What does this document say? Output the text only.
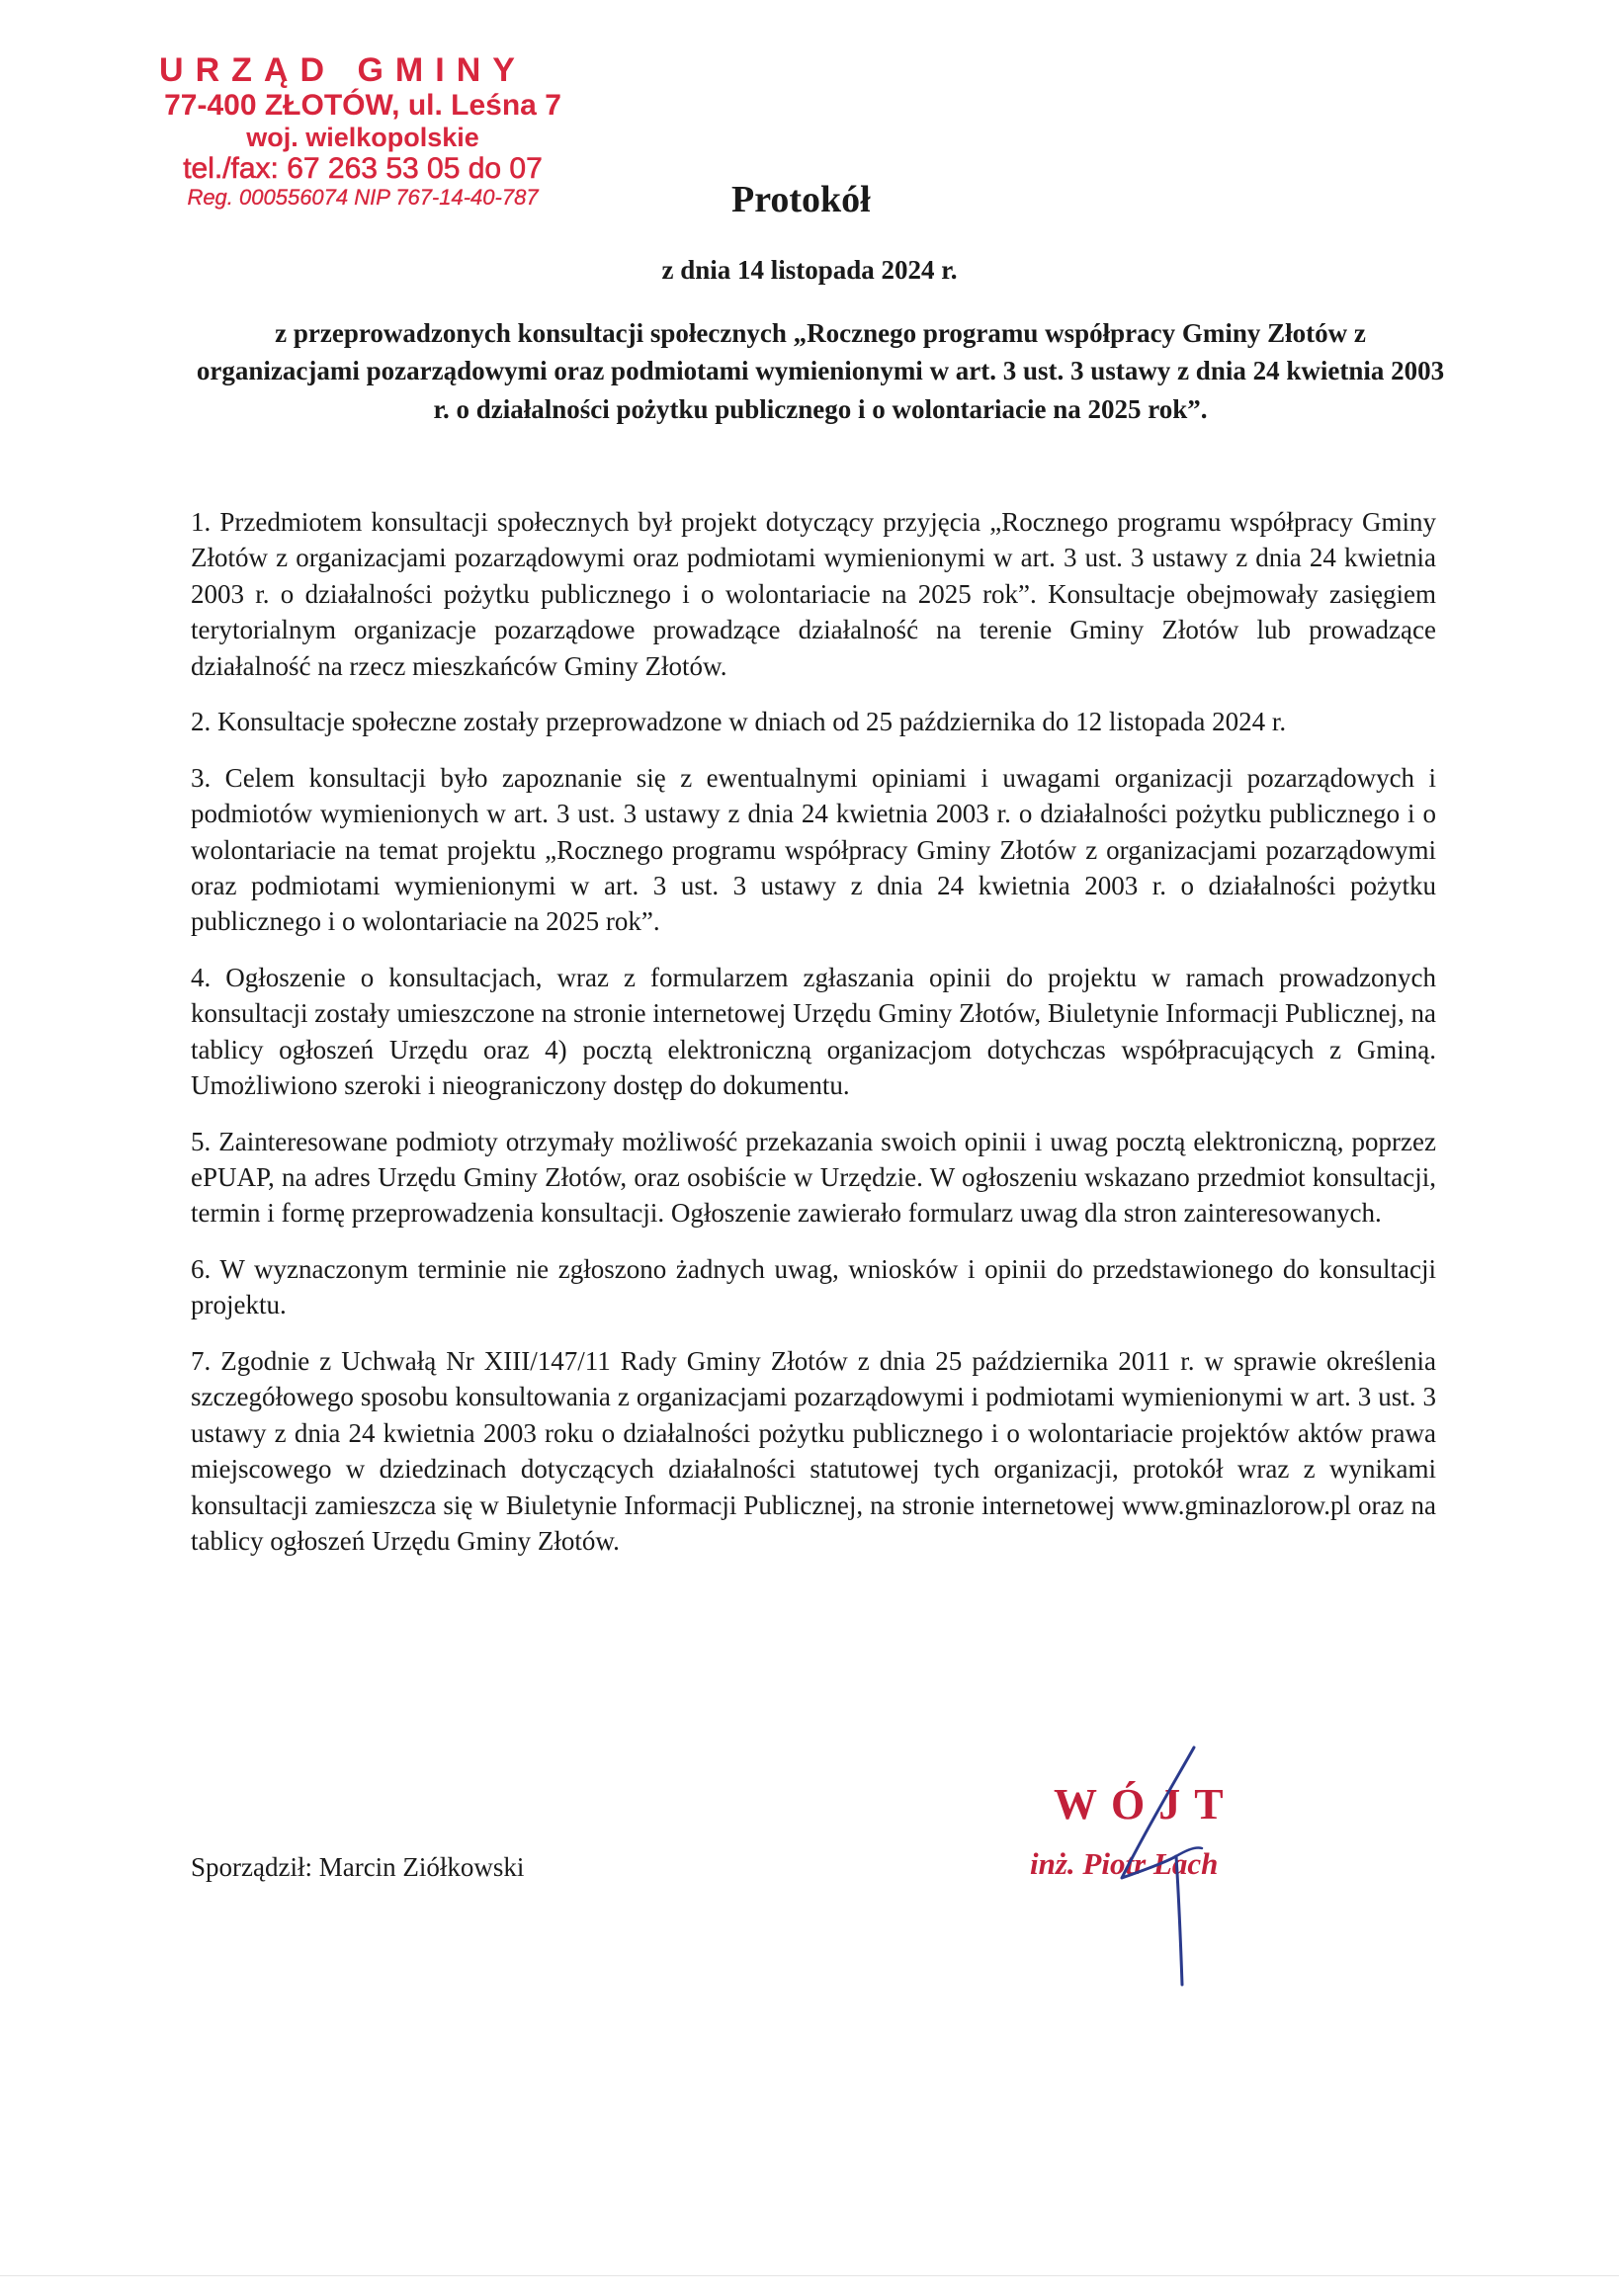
URZĄD GMINY
77-400 ZŁOTÓW, ul. Leśna 7
woj. wielkopolskie
tel./fax: 67 263 53 05 do 07
Reg. 000556074 NIP 767-14-40-787	Protokół
z dnia 14 listopada 2024 r.
z przeprowadzonych konsultacji społecznych „Rocznego programu współpracy Gminy Złotów z organizacjami pozarządowymi oraz podmiotami wymienionymi w art. 3 ust. 3 ustawy z dnia 24 kwietnia 2003 r. o działalności pożytku publicznego i o wolontariacie na 2025 rok”.

1. Przedmiotem konsultacji społecznych był projekt dotyczący przyjęcia „Rocznego programu współpracy Gminy Złotów z organizacjami pozarządowymi oraz podmiotami wymienionymi w art. 3 ust. 3 ustawy z dnia 24 kwietnia 2003 r. o działalności pożytku publicznego i o wolontariacie na 2025 rok”. Konsultacje obejmowały zasięgiem terytorialnym organizacje pozarządowe prowadzące działalność na terenie Gminy Złotów lub prowadzące działalność na rzecz mieszkańców Gminy Złotów.

2. Konsultacje społeczne zostały przeprowadzone w dniach od 25 października do 12 listopada 2024 r.

3. Celem konsultacji było zapoznanie się z ewentualnymi opiniami i uwagami organizacji pozarządowych i podmiotów wymienionych w art. 3 ust. 3 ustawy z dnia 24 kwietnia 2003 r. o działalności pożytku publicznego i o wolontariacie na temat projektu „Rocznego programu współpracy Gminy Złotów z organizacjami pozarządowymi oraz podmiotami wymienionymi w art. 3 ust. 3 ustawy z dnia 24 kwietnia 2003 r. o działalności pożytku publicznego i o wolontariacie na 2025 rok”.

4. Ogłoszenie o konsultacjach, wraz z formularzem zgłaszania opinii do projektu w ramach prowadzonych konsultacji zostały umieszczone na stronie internetowej Urzędu Gminy Złotów, Biuletynie Informacji Publicznej, na tablicy ogłoszeń Urzędu oraz 4) pocztą elektroniczną organizacjom dotychczas współpracujących z Gminą. Umożliwiono szeroki i nieograniczony dostęp do dokumentu.

5. Zainteresowane podmioty otrzymały możliwość przekazania swoich opinii i uwag pocztą elektroniczną, poprzez ePUAP, na adres Urzędu Gminy Złotów, oraz osobiście w Urzędzie. W ogłoszeniu wskazano przedmiot konsultacji, termin i formę przeprowadzenia konsultacji. Ogłoszenie zawierało formularz uwag dla stron zainteresowanych.

6. W wyznaczonym terminie nie zgłoszono żadnych uwag, wniosków i opinii do przedstawionego do konsultacji projektu.

7. Zgodnie z Uchwałą Nr XIII/147/11 Rady Gminy Złotów z dnia 25 października 2011 r. w sprawie określenia szczegółowego sposobu konsultowania z organizacjami pozarządowymi i podmiotami wymienionymi w art. 3 ust. 3 ustawy z dnia 24 kwietnia 2003 roku o działalności pożytku publicznego i o wolontariacie projektów aktów prawa miejscowego w dziedzinach dotyczących działalności statutowej tych organizacji, protokół wraz z wynikami konsultacji zamieszcza się w Biuletynie Informacji Publicznej, na stronie internetowej www.gminazlorow.pl oraz na tablicy ogłoszeń Urzędu Gminy Złotów.

Sporządził: Marcin Ziółkowski
WÓJT
inż. Piotr Lach
